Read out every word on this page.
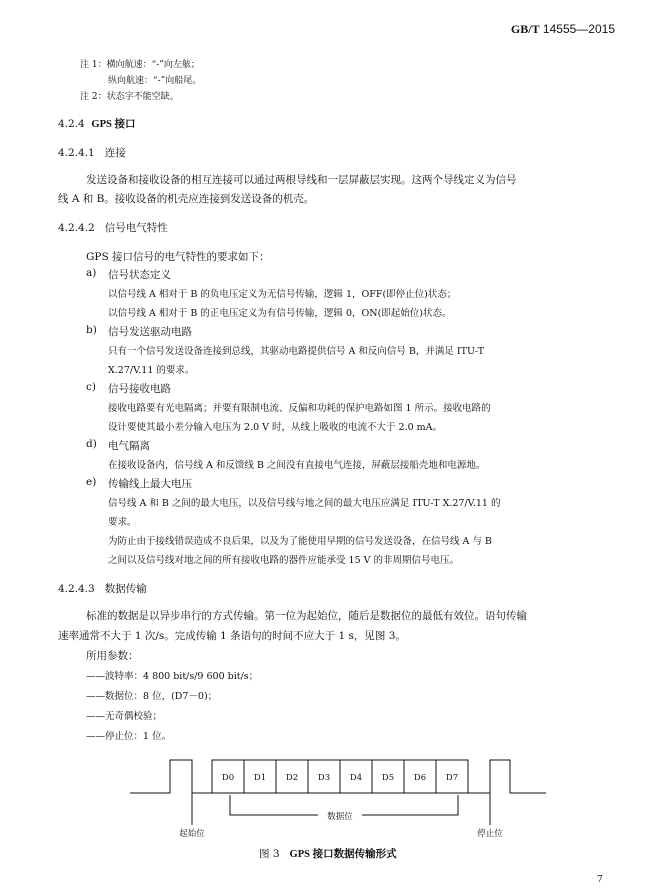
GB/T 14555—2015
注 1：横向航速：“-”向左舷；
纵向航速：“-”向船尾。
注 2：状态字不能空缺。
4.2.4 GPS 接口
4.2.4.1 连接
发送设备和接收设备的相互连接可以通过两根导线和一层屏蔽层实现。这两个导线定义为信号
线 A 和 B。接收设备的机壳应连接到发送设备的机壳。
4.2.4.2 信号电气特性
GPS 接口信号的电气特性的要求如下：
a) 信号状态定义
以信号线 A 相对于 B 的负电压定义为无信号传输，逻辑 1，OFF(即停止位)状态；
以信号线 A 相对于 B 的正电压定义为有信号传输，逻辑 0，ON(即起始位)状态。
b) 信号发送驱动电路
只有一个信号发送设备连接到总线，其驱动电路提供信号 A 和反向信号 B，并满足 ITU-T
X.27/V.11 的要求。
c) 信号接收电路
接收电路要有光电隔离；并要有限制电流、反偏和功耗的保护电路如图 1 所示。接收电路的
设计要使其最小差分输入电压为 2.0 V 时，从线上吸收的电流不大于 2.0 mA。
d) 电气隔离
在接收设备内，信号线 A 和反馈线 B 之间没有直接电气连接，屏蔽层接船壳地和电源地。
e) 传输线上最大电压
信号线 A 和 B 之间的最大电压，以及信号线与地之间的最大电压应满足 ITU-T X.27/V.11 的
要求。
为防止由于接线错误造成不良后果，以及为了能使用早期的信号发送设备，在信号线 A 与 B
之间以及信号线对地之间的所有接收电路的器件应能承受 15 V 的非周期信号电压。
4.2.4.3 数据传输
标准的数据是以异步串行的方式传输。第一位为起始位，随后是数据位的最低有效位。语句传输
速率通常不大于 1 次/s。完成传输 1 条语句的时间不应大于 1 s，见图 3。
所用参数：
——波特率：4 800 bit/s/9 600 bit/s；
——数据位：8 位，(D7－0)；
——无奇偶校验；
——停止位：1 位。
D0 D1 D2 D3 D4 D5 D6 D7
数据位
起始位	停止位
图 3 GPS 接口数据传输形式
7
